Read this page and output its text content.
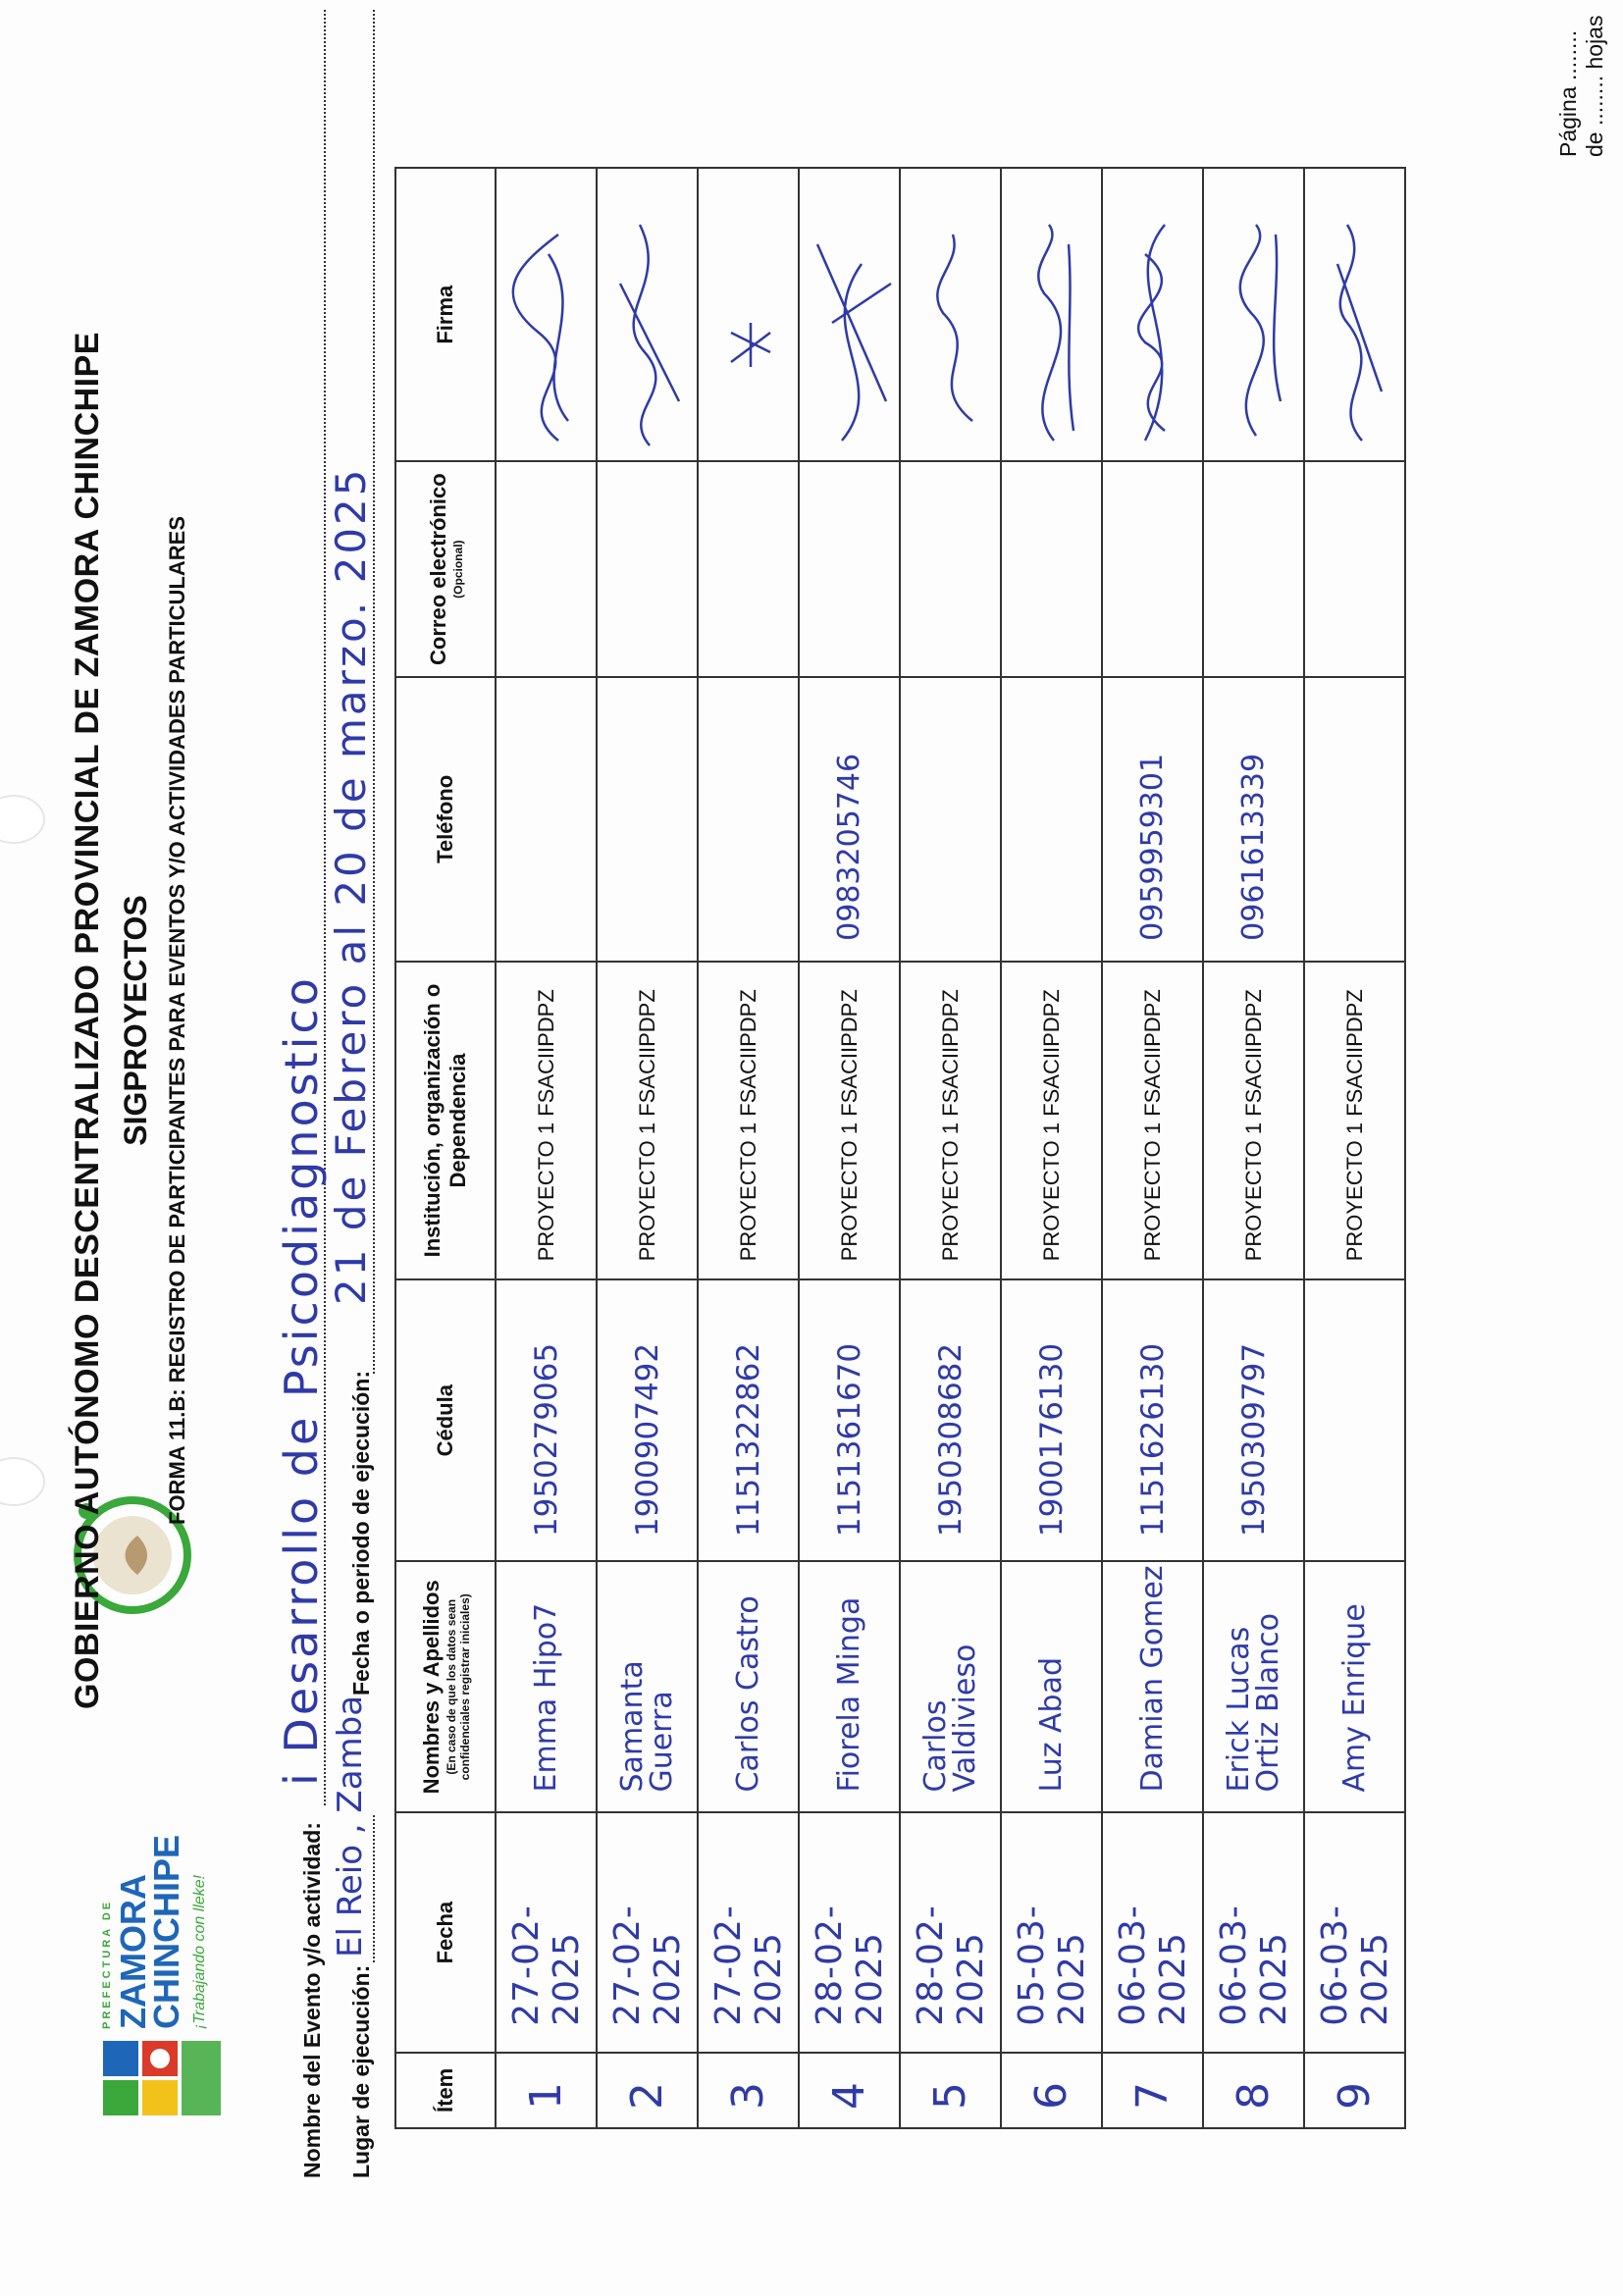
PREFECTURA DE ZAMORA
CHINCHIPE ¡Trabajando con lleke!
GOBIERNO AUTÓNOMO DESCENTRALIZADO PROVINCIAL DE ZAMORA CHINCHIPE SIGPROYECTOS FORMA 11.B: REGISTRO DE PARTICIPANTES PARA EVENTOS Y/O ACTIVIDADES PARTICULARES
Nombre del Evento y/o actividad:
i Desarrollo de Psicodiagnostico
Lugar de ejecución:
El Reio , Zamba
Fecha o periodo de ejecución:
21 de Febrero al 20 de marzo. 2025
Ítem	Fecha	Nombres y Apellidos (En caso de que los datos sean confidenciales registrar iniciales)	Cédula	Institución, organización o Dependencia	Teléfono	Correo electrónico (Opcional)	Firma
1	27-02-2025	Emma Hipo7	1950279065	PROYECTO 1 FSACIIPDPZ			

2	27-02-2025	Samanta Guerra	1900907492	PROYECTO 1 FSACIIPDPZ			

3	27-02-2025	Carlos Castro	1151322862	PROYECTO 1 FSACIIPDPZ			

4	28-02-2025	Fiorela Minga	1151361670	PROYECTO 1 FSACIIPDPZ	0983205746		

5	28-02-2025	Carlos Valdivieso	1950308682	PROYECTO 1 FSACIIPDPZ			

6	05-03-2025	Luz Abad	1900176130	PROYECTO 1 FSACIIPDPZ			

7	06-03-2025	Damian Gomez	1151626130	PROYECTO 1 FSACIIPDPZ	0959959301		

8	06-03-2025	Erick Lucas Ortiz Blanco	1950309797	PROYECTO 1 FSACIIPDPZ	0961613339		

9	06-03-2025	Amy Enrique		PROYECTO 1 FSACIIPDPZ			
Página ........ de ........ hojas
